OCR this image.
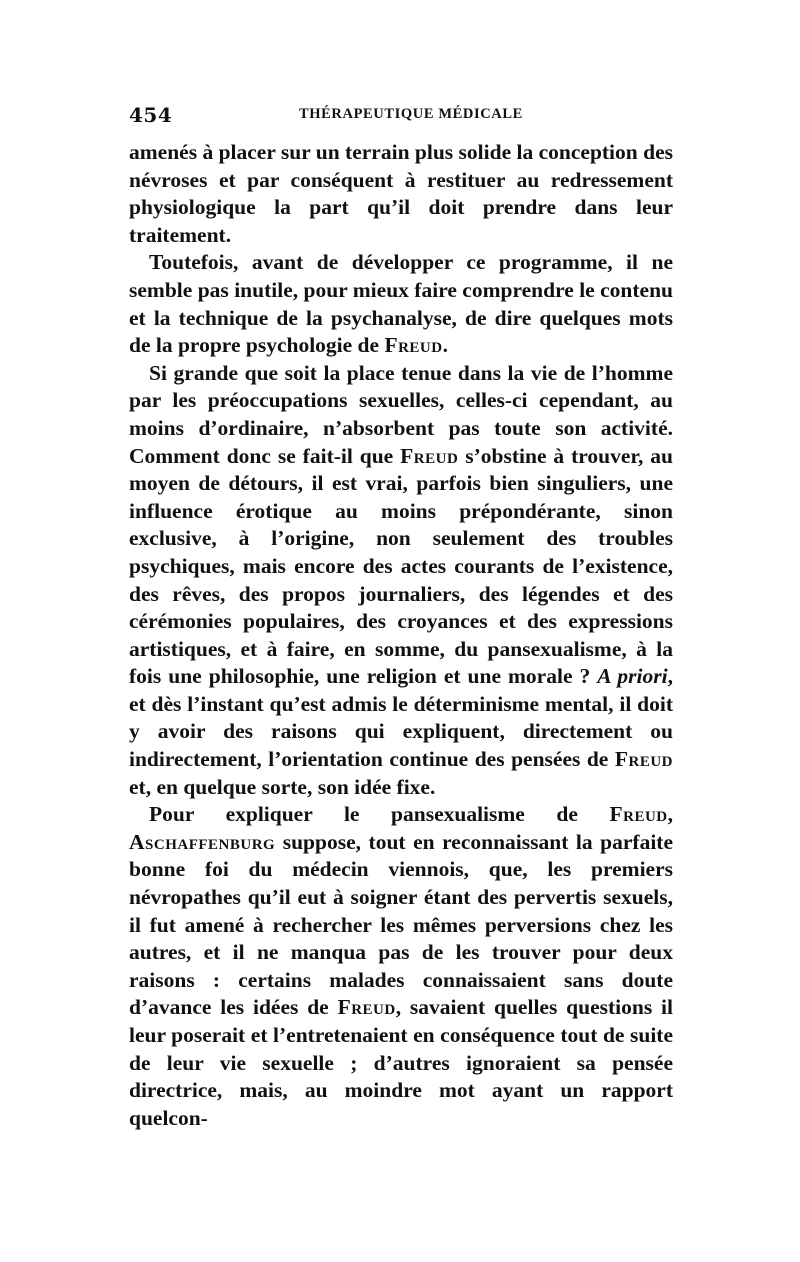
454	THÉRAPEUTIQUE MÉDICALE

amenés à placer sur un terrain plus solide la conception des névroses et par conséquent à restituer au redressement physiologique la part qu’il doit prendre dans leur traitement.

Toutefois, avant de développer ce programme, il ne semble pas inutile, pour mieux faire comprendre le contenu et la technique de la psychanalyse, de dire quelques mots de la propre psychologie de Freud.

Si grande que soit la place tenue dans la vie de l’homme par les préoccupations sexuelles, celles-ci cependant, au moins d’ordinaire, n’absorbent pas toute son activité. Comment donc se fait-il que Freud s’obstine à trouver, au moyen de détours, il est vrai, parfois bien singuliers, une influence érotique au moins prépondérante, sinon exclusive, à l’origine, non seulement des troubles psychiques, mais encore des actes courants de l’existence, des rêves, des propos journaliers, des légendes et des cérémonies populaires, des croyances et des expressions artistiques, et à faire, en somme, du pansexualisme, à la fois une philosophie, une religion et une morale ? A priori, et dès l’instant qu’est admis le déterminisme mental, il doit y avoir des raisons qui expliquent, directement ou indirectement, l’orientation continue des pensées de Freud et, en quelque sorte, son idée fixe.

Pour expliquer le pansexualisme de Freud, Aschaffenburg suppose, tout en reconnaissant la parfaite bonne foi du médecin viennois, que, les premiers névropathes qu’il eut à soigner étant des pervertis sexuels, il fut amené à rechercher les mêmes perversions chez les autres, et il ne manqua pas de les trouver pour deux raisons : certains malades connaissaient sans doute d’avance les idées de Freud, savaient quelles questions il leur poserait et l’entretenaient en conséquence tout de suite de leur vie sexuelle ; d’autres ignoraient sa pensée directrice, mais, au moindre mot ayant un rapport quelcon-
